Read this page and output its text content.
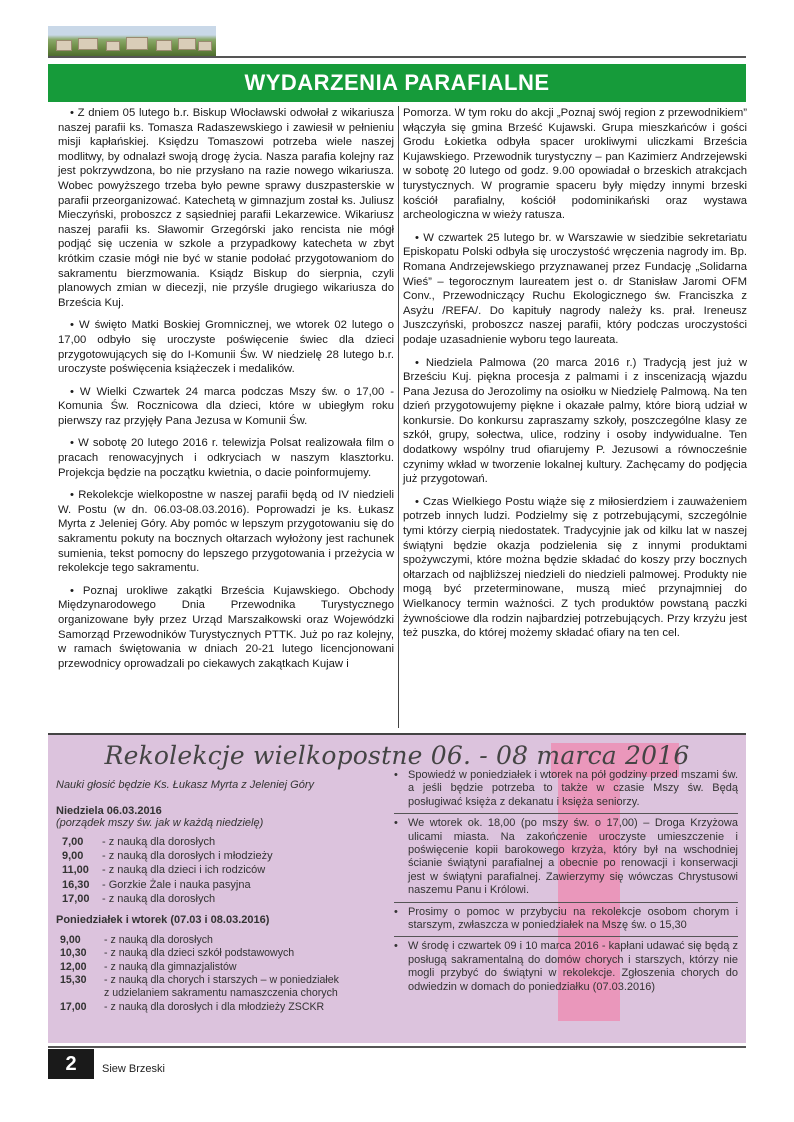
WYDARZENIA PARAFIALNE

• Z dniem 05 lutego b.r. Biskup Włocławski odwołał z wikariusza naszej parafii ks. Tomasza Radaszewskiego i zawiesił w pełnieniu misji kapłańskiej. Księdzu Tomaszowi potrzeba wiele naszej modlitwy, by odnalazł swoją drogę życia. Nasza parafia kolejny raz jest pokrzywdzona, bo nie przysłano na razie nowego wikariusza. Wobec powyższego trzeba było pewne sprawy duszpasterskie w parafii przeorganizować. Katechetą w gimnazjum został ks. Juliusz Mieczyński, proboszcz z sąsiedniej parafii Lekarzewice. Wikariusz naszej parafii ks. Sławomir Grzegórski jako rencista nie mógł podjąć się uczenia w szkole a przypadkowy katecheta w zbyt krótkim czasie mógł nie być w stanie podołać przygotowaniom do sakramentu bierzmowania. Ksiądz Biskup do sierpnia, czyli planowych zmian w diecezji, nie przyśle drugiego wikariusza do Brześcia Kuj.

• W święto Matki Boskiej Gromnicznej, we wtorek 02 lutego o 17,00 odbyło się uroczyste poświęcenie świec dla dzieci przygotowujących się do I-Komunii Św. W niedzielę 28 lutego b.r. uroczyste poświęcenia książeczek i medalików.

• W Wielki Czwartek 24 marca podczas Mszy św. o 17,00 - Komunia Św. Rocznicowa dla dzieci, które w ubiegłym roku pierwszy raz przyjęły Pana Jezusa w Komunii Św.

• W sobotę 20 lutego 2016 r. telewizja Polsat realizowała film o pracach renowacyjnych i odkryciach w naszym klasztorku. Projekcja będzie na początku kwietnia, o dacie poinformujemy.

• Rekolekcje wielkopostne w naszej parafii będą od IV niedzieli W. Postu (w dn. 06.03-08.03.2016). Poprowadzi je ks. Łukasz Myrta z Jeleniej Góry. Aby pomóc w lepszym przygotowaniu się do sakramentu pokuty na bocznych ołtarzach wyłożony jest rachunek sumienia, tekst pomocny do lepszego przygotowania i przeżycia w rekolekcje tego sakramentu.

• Poznaj urokliwe zakątki Brześcia Kujawskiego. Obchody Międzynarodowego Dnia Przewodnika Turystycznego organizowane były przez Urząd Marszałkowski oraz Wojewódzki Samorząd Przewodników Turystycznych PTTK. Już po raz kolejny, w ramach świętowania w dniach 20-21 lutego licencjonowani przewodnicy oprowadzali po ciekawych zakątkach Kujaw i

Pomorza. W tym roku do akcji „Poznaj swój region z przewodnikiem” włączyła się gmina Brześć Kujawski. Grupa mieszkańców i gości Grodu Łokietka odbyła spacer urokliwymi uliczkami Brześcia Kujawskiego. Przewodnik turystyczny – pan Kazimierz Andrzejewski w sobotę 20 lutego od godz. 9.00 opowiadał o brzeskich atrakcjach turystycznych. W programie spaceru były między innymi brzeski kościół parafialny, kościół podominikański oraz wystawa archeologiczna w wieży ratusza.

• W czwartek 25 lutego br. w Warszawie w siedzibie sekretariatu Episkopatu Polski odbyła się uroczystość wręczenia nagrody im. Bp. Romana Andrzejewskiego przyznawanej przez Fundację „Solidarna Wieś” – tegorocznym laureatem jest o. dr Stanisław Jaromi OFM Conv., Przewodniczący Ruchu Ekologicznego św. Franciszka z Asyżu /REFA/. Do kapituły nagrody należy ks. prał. Ireneusz Juszczyński, proboszcz naszej parafii, który podczas uroczystości podaje uzasadnienie wyboru tego laureata.

• Niedziela Palmowa (20 marca 2016 r.) Tradycją jest już w Brześciu Kuj. piękna procesja z palmami i z inscenizacją wjazdu Pana Jezusa do Jerozolimy na osiołku w Niedzielę Palmową. Na ten dzień przygotowujemy piękne i okazałe palmy, które biorą udział w konkursie. Do konkursu zapraszamy szkoły, poszczególne klasy ze szkół, grupy, sołectwa, ulice, rodziny i osoby indywidualne. Ten dodatkowy wspólny trud ofiarujemy P. Jezusowi a równocześnie czynimy wkład w tworzenie lokalnej kultury. Zachęcamy do podjęcia już przygotowań.

• Czas Wielkiego Postu wiąże się z miłosierdziem i zauważeniem potrzeb innych ludzi. Podzielmy się z potrzebującymi, szczególnie tymi którzy cierpią niedostatek. Tradycyjnie jak od kilku lat w naszej świątyni będzie okazja podzielenia się z innymi produktami spożywczymi, które można będzie składać do koszy przy bocznych ołtarzach od najbliższej niedzieli do niedzieli palmowej. Produkty nie mogą być przeterminowane, muszą mieć przynajmniej do Wielkanocy termin ważności. Z tych produktów powstaną paczki żywnościowe dla rodzin najbardziej potrzebujących. Przy krzyżu jest też puszka, do której możemy składać ofiary na ten cel.

Rekolekcje wielkopostne 06. - 08 marca 2016

Nauki głosić będzie Ks. Łukasz Myrta z Jeleniej Góry

Niedziela 06.03.2016

(porządek mszy św. jak w każdą niedzielę)

7,00	- z nauką dla dorosłych
9,00	- z nauką dla dorosłych i młodzieży
11,00	- z nauką dla dzieci i ich rodziców
16,30	- Gorzkie Żale i nauka pasyjna
17,00	- z nauką dla dorosłych

Poniedziałek i wtorek (07.03 i 08.03.2016)

9,00	- z nauką dla dorosłych
10,30	- z nauką dla dzieci szkół podstawowych
12,00	- z nauką dla gimnazjalistów
15,30	- z nauką dla chorych i starszych – w poniedziałek
z udzielaniem sakramentu namaszczenia chorych
17,00	- z nauką dla dorosłych i dla młodzieży ZSCKR
• Spowiedź w poniedziałek i wtorek na pół godziny przed mszami św. a jeśli będzie potrzeba to także w czasie Mszy św. Będą posługiwać księża z dekanatu i księża seniorzy.
• We wtorek ok. 18,00 (po mszy św. o 17,00) – Droga Krzyżowa ulicami miasta. Na zakończenie uroczyste umieszczenie i poświęcenie kopii barokowego krzyża, który był na wschodniej ścianie świątyni parafialnej a obecnie po renowacji i konserwacji jest w świątyni parafialnej. Zawierzymy się wówczas Chrystusowi naszemu Panu i Królowi.
• Prosimy o pomoc w przybyciu na rekolekcje osobom chorym i starszym, zwłaszcza w poniedziałek na Mszę św. o 15,30
• W środę i czwartek 09 i 10 marca 2016 - kapłani udawać się będą z posługą sakramentalną do domów chorych i starszych, którzy nie mogli przybyć do świątyni w rekolekcje. Zgłoszenia chorych do odwiedzin w domach do poniedziałku (07.03.2016)
2	Siew Brzeski
